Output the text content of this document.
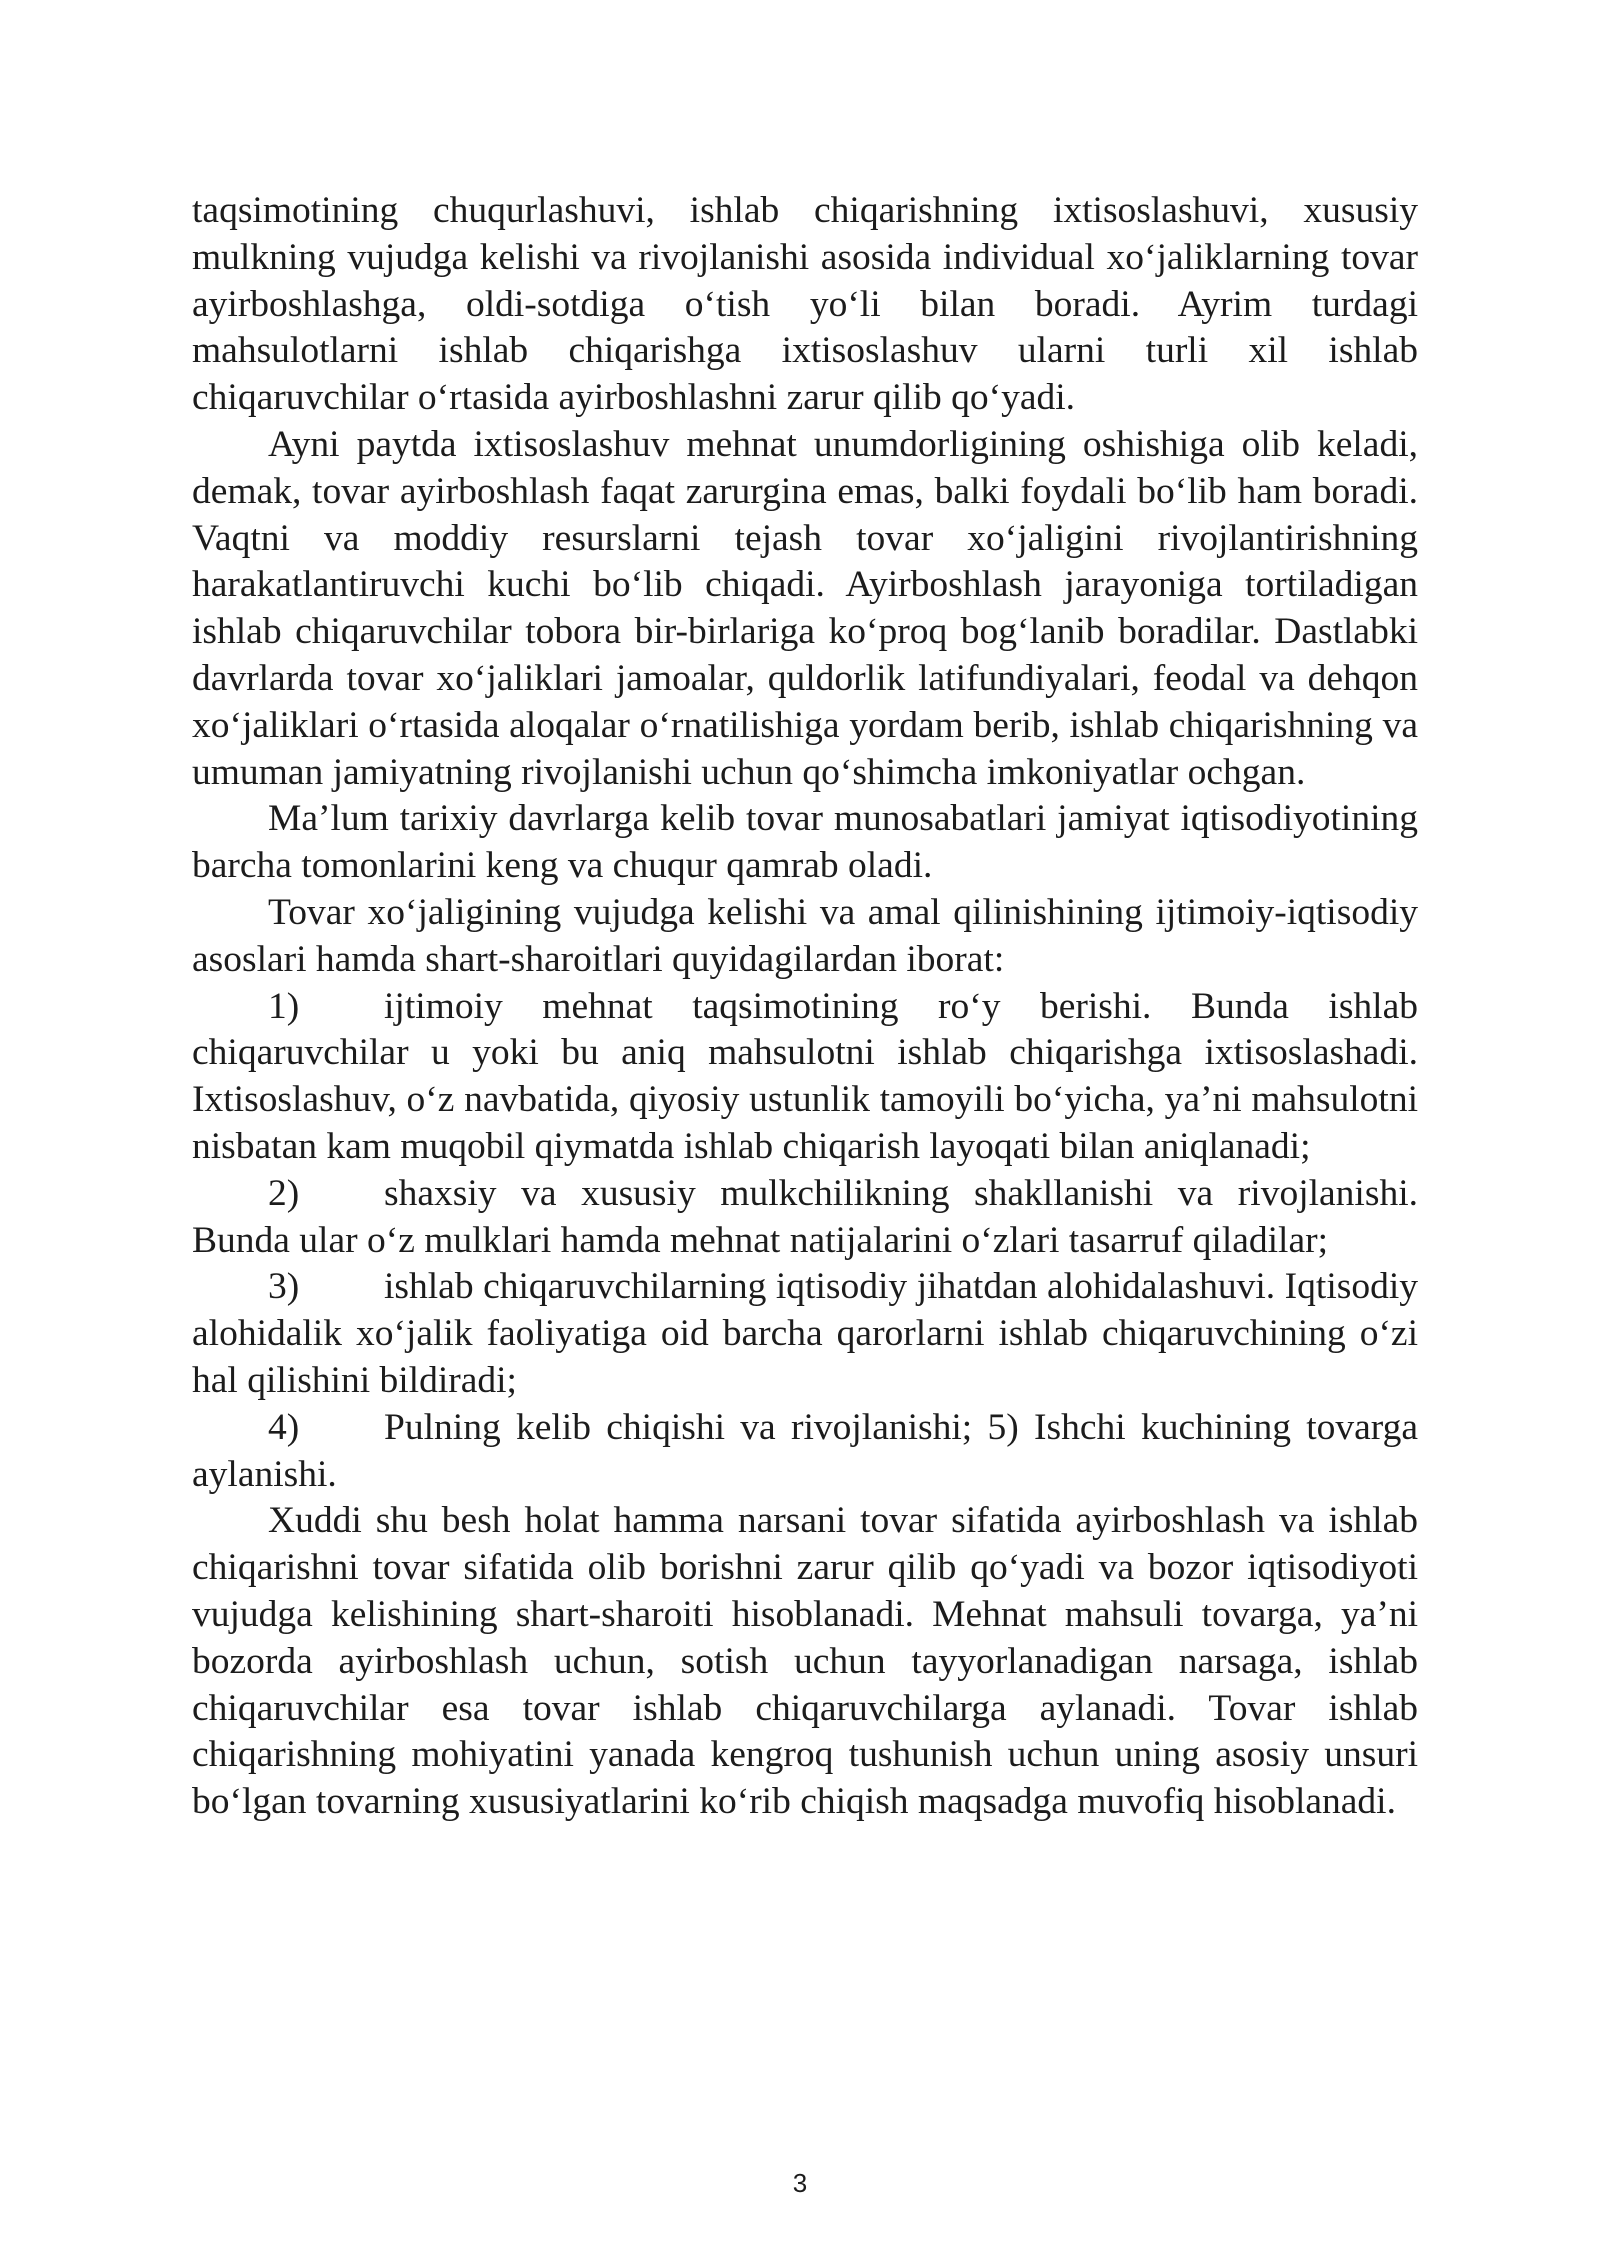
taqsimotining chuqurlashuvi, ishlab chiqarishning ixtisoslashuvi, xususiy mulkning vujudga kelishi va rivojlanishi asosida individual xo‘jaliklarning tovar ayirboshlashga, oldi-sotdiga o‘tish yo‘li bilan boradi. Ayrim turdagi mahsulotlarni ishlab chiqarishga ixtisoslashuv ularni turli xil ishlab chiqaruvchilar o‘rtasida ayirboshlashni zarur qilib qo‘yadi.

Ayni paytda ixtisoslashuv mehnat unumdorligining oshishiga olib keladi, demak, tovar ayirboshlash faqat zarurgina emas, balki foydali bo‘lib ham boradi. Vaqtni va moddiy resurslarni tejash tovar xo‘jaligini rivojlantirishning harakatlantiruvchi kuchi bo‘lib chiqadi. Ayirboshlash jarayoniga tortiladigan ishlab chiqaruvchilar tobora bir-birlariga ko‘proq bog‘lanib boradilar. Dastlabki davrlarda tovar xo‘jaliklari jamoalar, quldorlik latifundiyalari, feodal va dehqon xo‘jaliklari o‘rtasida aloqalar o‘rnatilishiga yordam berib, ishlab chiqarishning va umuman jamiyatning rivojlanishi uchun qo‘shimcha imkoniyatlar ochgan.

Ma’lum tarixiy davrlarga kelib tovar munosabatlari jamiyat iqtisodiyotining barcha tomonlarini keng va chuqur qamrab oladi.

Tovar xo‘jaligining vujudga kelishi va amal qilinishining ijtimoiy-iqtisodiy asoslari hamda shart-sharoitlari quyidagilardan iborat:

1) ijtimoiy mehnat taqsimotining ro‘y berishi. Bunda ishlab chiqaruvchilar u yoki bu aniq mahsulotni ishlab chiqarishga ixtisoslashadi. Ixtisoslashuv, o‘z navbatida, qiyosiy ustunlik tamoyili bo‘yicha, ya’ni mahsulotni nisbatan kam muqobil qiymatda ishlab chiqarish layoqati bilan aniqlanadi;

2) shaxsiy va xususiy mulkchilikning shakllanishi va rivojlanishi. Bunda ular o‘z mulklari hamda mehnat natijalarini o‘zlari tasarruf qiladilar;

3) ishlab chiqaruvchilarning iqtisodiy jihatdan alohidalashuvi. Iqtisodiy alohidalik xo‘jalik faoliyatiga oid barcha qarorlarni ishlab chiqaruvchining o‘zi hal qilishini bildiradi;

4) Pulning kelib chiqishi va rivojlanishi; 5) Ishchi kuchining tovarga aylanishi.

Xuddi shu besh holat hamma narsani tovar sifatida ayirboshlash va ishlab chiqarishni tovar sifatida olib borishni zarur qilib qo‘yadi va bozor iqtisodiyoti vujudga kelishining shart-sharoiti hisoblanadi. Mehnat mahsuli tovarga, ya’ni bozorda ayirboshlash uchun, sotish uchun tayyorlanadigan narsaga, ishlab chiqaruvchilar esa tovar ishlab chiqaruvchilarga aylanadi. Tovar ishlab chiqarishning mohiyatini yanada kengroq tushunish uchun uning asosiy unsuri bo‘lgan tovarning xususiyatlarini ko‘rib chiqish maqsadga muvofiq hisoblanadi.

3
